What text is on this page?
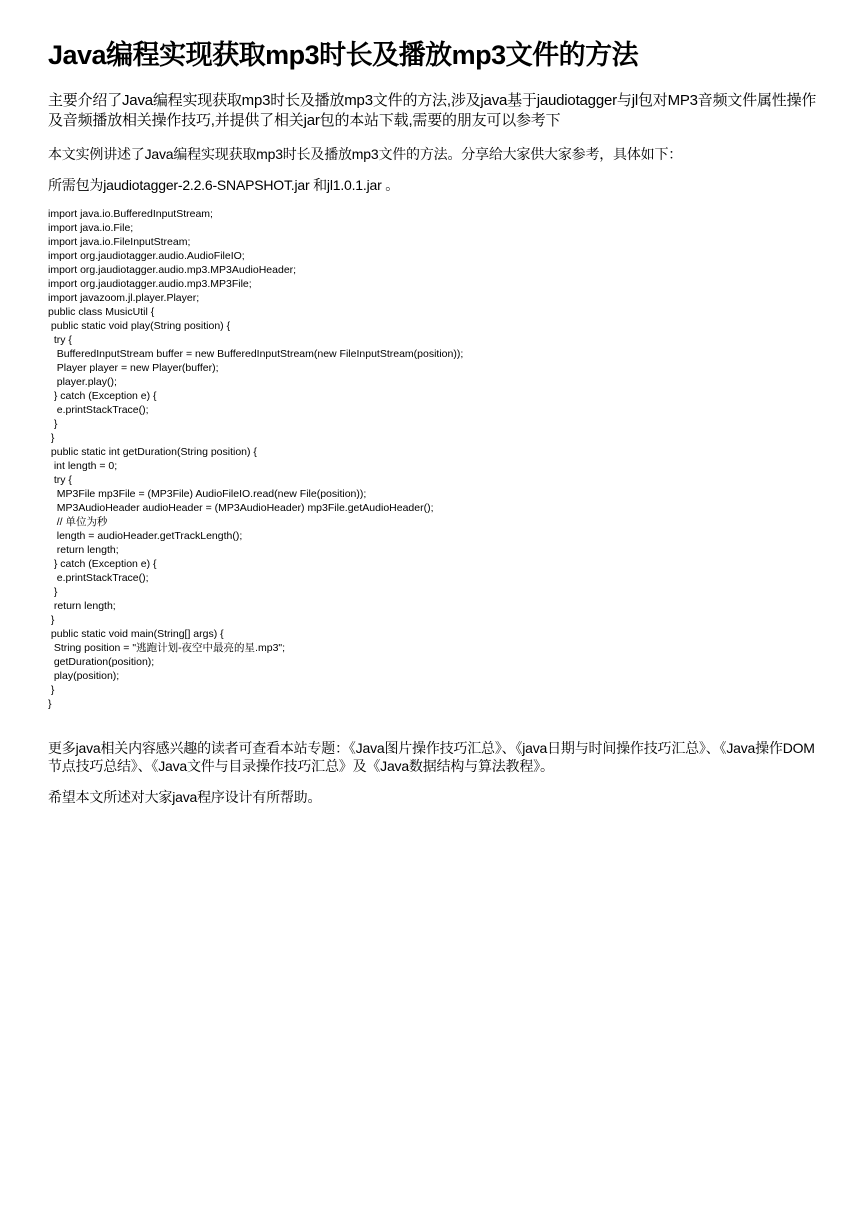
Java编程实现获取mp3时长及播放mp3文件的方法

主要介绍了Java编程实现获取mp3时长及播放mp3文件的方法,涉及java基于jaudiotagger与jl包对MP3音频文件属性操作及音频播放相关操作技巧,并提供了相关jar包的本站下载,需要的朋友可以参考下

本文实例讲述了Java编程实现获取mp3时长及播放mp3文件的方法。分享给大家供大家参考，具体如下：

所需包为jaudiotagger-2.2.6-SNAPSHOT.jar 和jl1.0.1.jar 。

import java.io.BufferedInputStream;
import java.io.File;
import java.io.FileInputStream;
import org.jaudiotagger.audio.AudioFileIO;
import org.jaudiotagger.audio.mp3.MP3AudioHeader;
import org.jaudiotagger.audio.mp3.MP3File;
import javazoom.jl.player.Player;
public class MusicUtil {
public static void play(String position) {
try {
BufferedInputStream buffer = new BufferedInputStream(new FileInputStream(position));
Player player = new Player(buffer);
player.play();
} catch (Exception e) {
e.printStackTrace();
}
}
public static int getDuration(String position) {
int length = 0;
try {
MP3File mp3File = (MP3File) AudioFileIO.read(new File(position));
MP3AudioHeader audioHeader = (MP3AudioHeader) mp3File.getAudioHeader();
// 单位为秒
length = audioHeader.getTrackLength();
return length;
} catch (Exception e) {
e.printStackTrace();
}
return length;
}
public static void main(String[] args) {
String position = "逃跑计划-夜空中最亮的星.mp3";
getDuration(position);
play(position);
}
}

更多java相关内容感兴趣的读者可查看本站专题：《Java图片操作技巧汇总》、《java日期与时间操作技巧汇总》、《Java操作DOM节点技巧总结》、《Java文件与目录操作技巧汇总》及《Java数据结构与算法教程》。

希望本文所述对大家java程序设计有所帮助。
